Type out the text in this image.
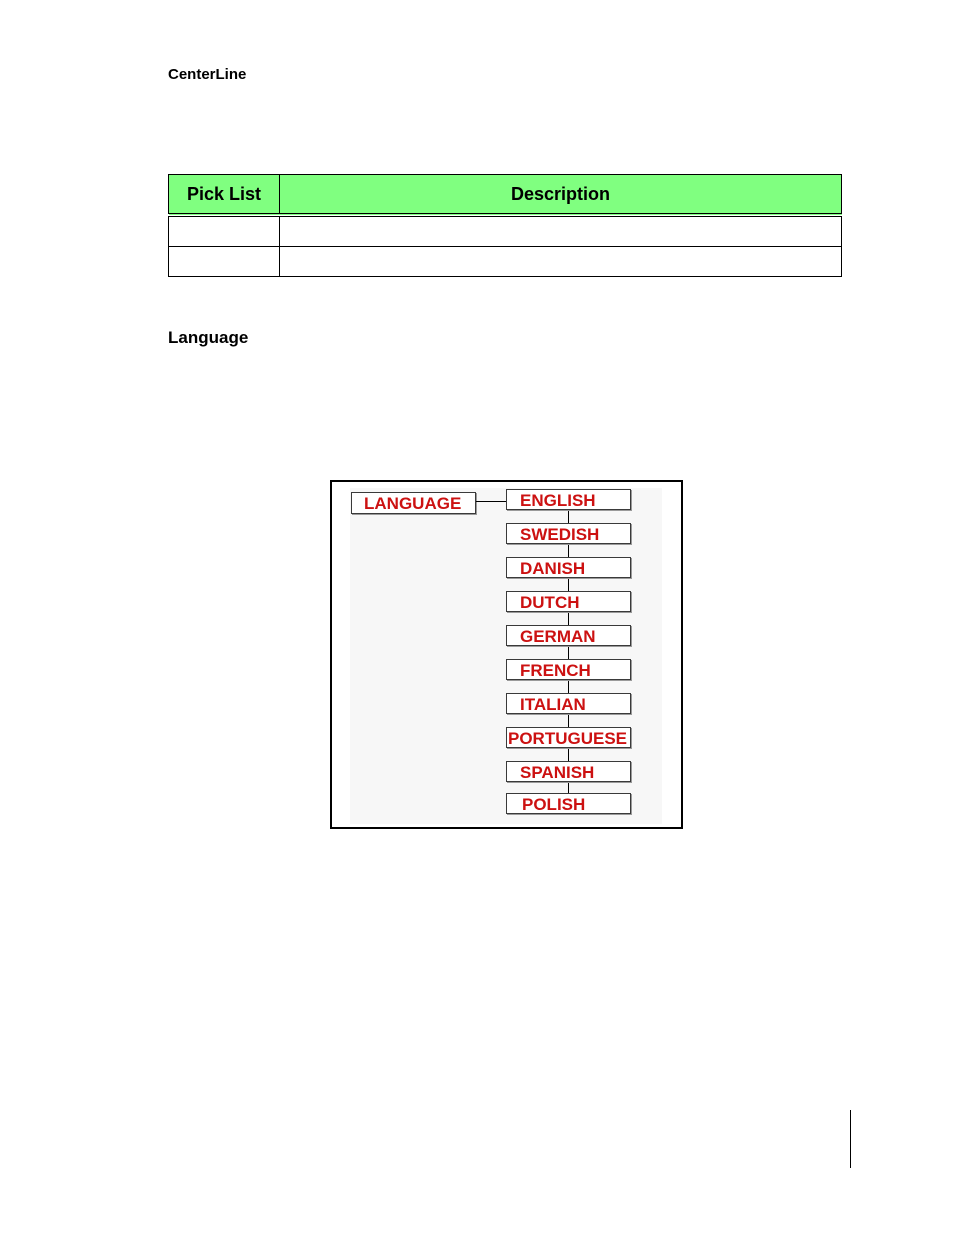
CenterLine
Pick List	Description

Language
LANGUAGE	ENGLISH
SWEDISH
DANISH
DUTCH
GERMAN
FRENCH
ITALIAN
PORTUGUESE
SPANISH
POLISH
